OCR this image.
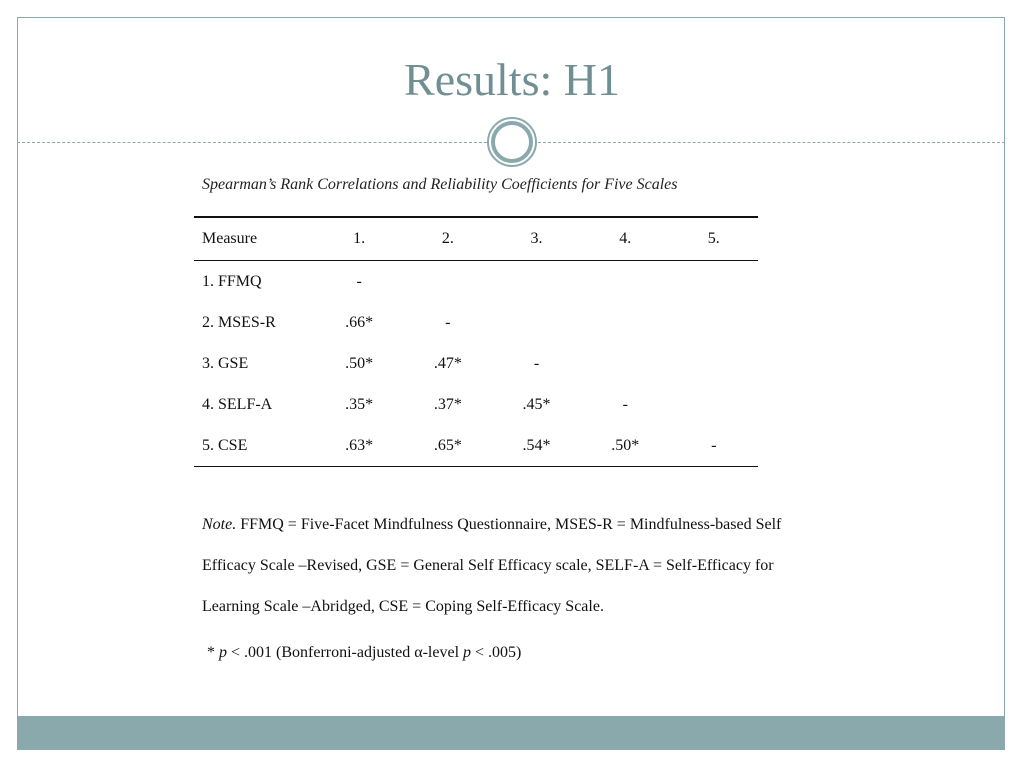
Results: H1
Spearman’s Rank Correlations and Reliability Coefficients for Five Scales
Measure	1.	2.	3.	4.	5.
1. FFMQ	-				
2. MSES-R	.66*	-			
3. GSE	.50*	.47*	-		
4. SELF-A	.35*	.37*	.45*	-	
5. CSE	.63*	.65*	.54*	.50*	-
Note. FFMQ = Five-Facet Mindfulness Questionnaire, MSES-R = Mindfulness-based Self Efficacy Scale –Revised, GSE = General Self Efficacy scale, SELF-A = Self-Efficacy for Learning Scale –Abridged, CSE = Coping Self-Efficacy Scale.
* p < .001 (Bonferroni-adjusted α-level p < .005)
